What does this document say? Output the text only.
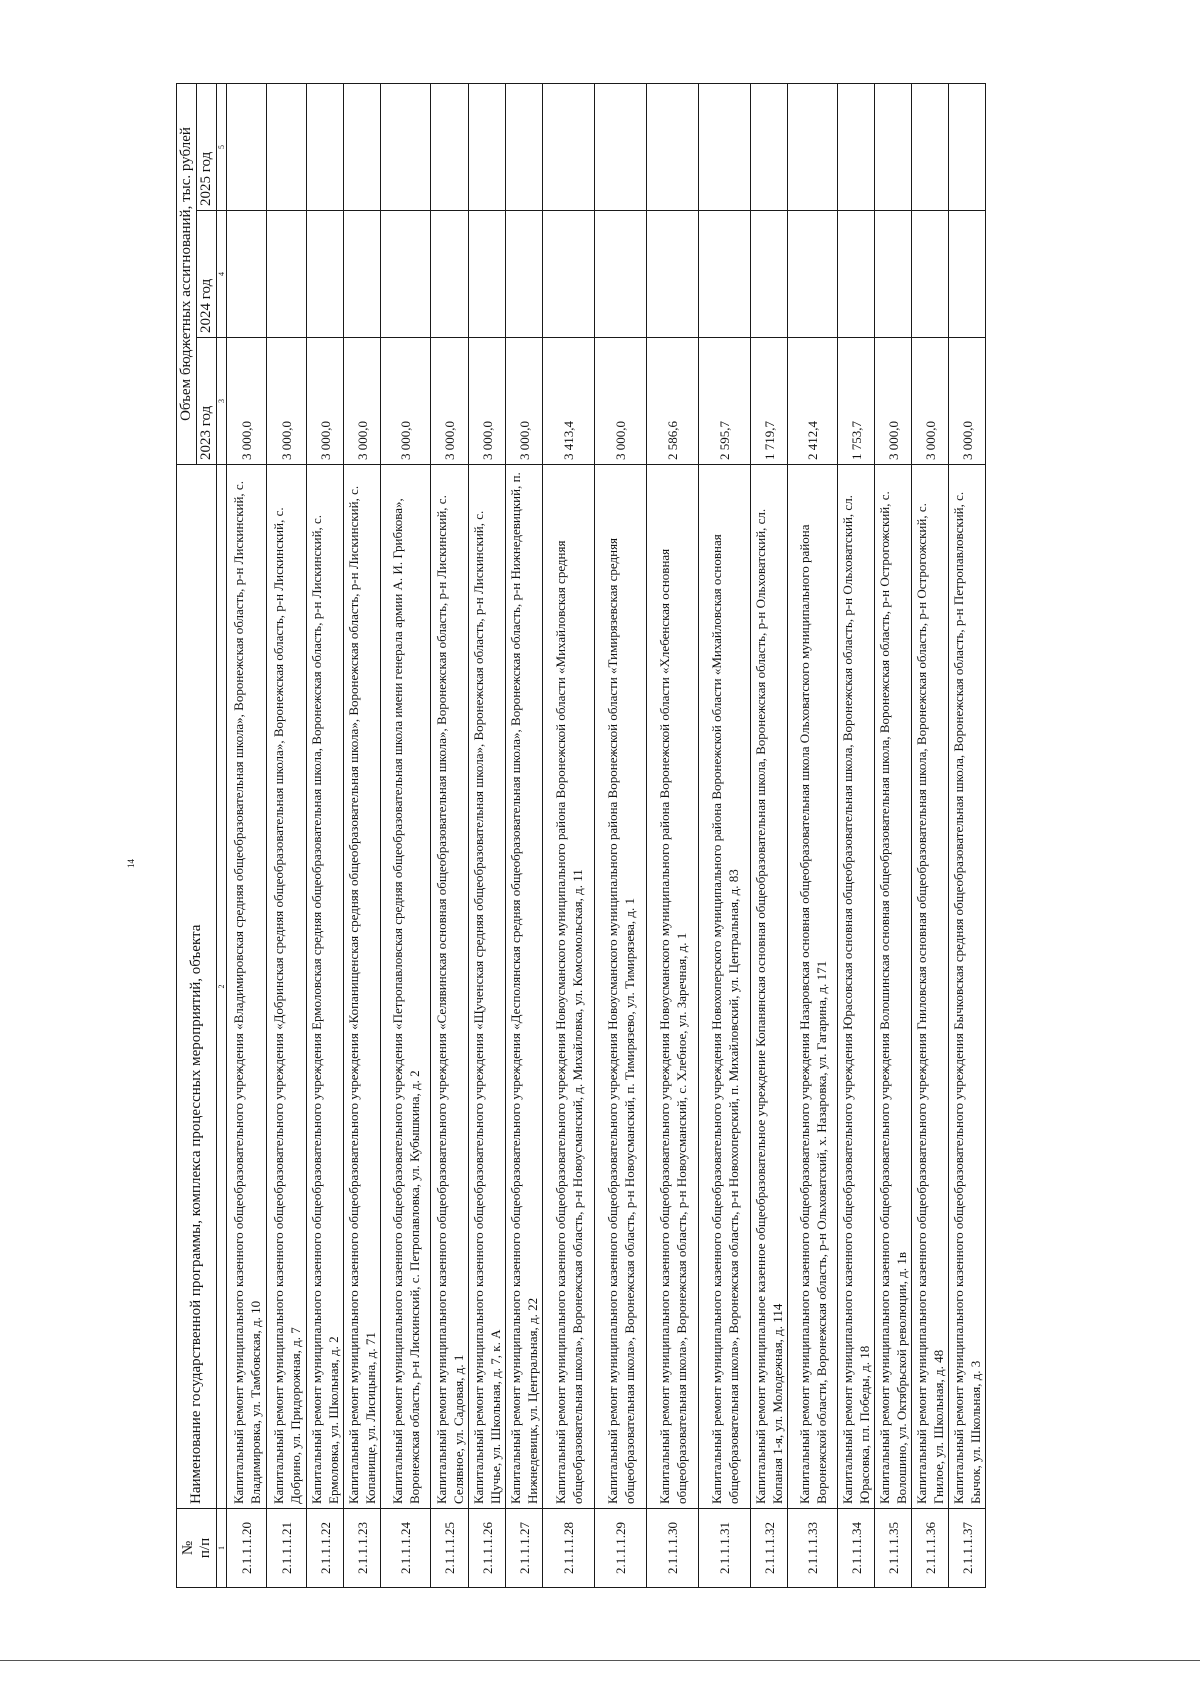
14
№
п/п	Наименование государственной программы, комплекса процессных мероприятий, объекта	Объем бюджетных ассигнований, тыс. рублей		
		2023 год	2024 год	2025 год
1	2	3	4	5
2.1.1.1.20	Капитальный ремонт муниципального казенного общеобразовательного учреждения «Владимировская средняя общеобразовательная школа», Воронежская область, р-н Лискинский, с. Владимировка, ул. Тамбовская, д. 10	3 000,0		
2.1.1.1.21	Капитальный ремонт муниципального казенного общеобразовательного учреждения «Добринская средняя общеобразовательная школа», Воронежская область, р-н Лискинский, с. Добрино, ул. Придорожная, д. 7	3 000,0		
2.1.1.1.22	Капитальный ремонт муниципального казенного общеобразовательного учреждения Ермоловская средняя общеобразовательная школа, Воронежская область, р-н Лискинский, с. Ермоловка, ул. Школьная, д. 2	3 000,0		
2.1.1.1.23	Капитальный ремонт муниципального казенного общеобразовательного учреждения «Копанищенская средняя общеобразовательная школа», Воронежская область, р-н Лискинский, с. Копанище, ул. Лисицына, д. 71	3 000,0		
2.1.1.1.24	Капитальный ремонт муниципального казенного общеобразовательного учреждения «Петропавловская средняя общеобразовательная школа имени генерала армии А. И. Грибкова», Воронежская область, р-н Лискинский, с. Петропавловка, ул. Кубышкина, д. 2	3 000,0		
2.1.1.1.25	Капитальный ремонт муниципального казенного общеобразовательного учреждения «Селявинская основная общеобразовательная школа», Воронежская область, р-н Лискинский, с. Селявное, ул. Садовая, д. 1	3 000,0		
2.1.1.1.26	Капитальный ремонт муниципального казенного общеобразовательного учреждения «Щученская средняя общеобразовательная школа», Воронежская область, р-н Лискинский, с. Щучье, ул. Школьная, д. 7, к. А	3 000,0		
2.1.1.1.27	Капитальный ремонт муниципального казенного общеобразовательного учреждения «Десполянская средняя общеобразовательная школа», Воронежская область, р-н Нижнедевицкий, п. Нижнедевицк, ул. Центральная, д. 22	3 000,0		
2.1.1.1.28	Капитальный ремонт муниципального казенного общеобразовательного учреждения Новоусманского муниципального района Воронежской области «Михайловская средняя общеобразовательная школа», Воронежская область, р-н Новоусманский, д. Михайловка, ул. Комсомольская, д. 11	3 413,4		
2.1.1.1.29	Капитальный ремонт муниципального казенного общеобразовательного учреждения Новоусманского муниципального района Воронежской области «Тимирязевская средняя общеобразовательная школа», Воронежская область, р-н Новоусманский, п. Тимирязево, ул. Тимирязева, д. 1	3 000,0		
2.1.1.1.30	Капитальный ремонт муниципального казенного общеобразовательного учреждения Новоусманского муниципального района Воронежской области «Хлебенская основная общеобразовательная школа», Воронежская область, р-н Новоусманский, с. Хлебное, ул. Заречная, д. 1	2 586,6		
2.1.1.1.31	Капитальный ремонт муниципального казенного общеобразовательного учреждения Новохоперского муниципального района Воронежской области «Михайловская основная общеобразовательная школа», Воронежская область, р-н Новохоперский, п. Михайловский, ул. Центральная, д. 83	2 595,7		
2.1.1.1.32	Капитальный ремонт муниципальное казенное общеобразовательное учреждение Копанянская основная общеобразовательная школа, Воронежская область, р-н Ольховатский, сл. Копаная 1-я, ул. Молодежная, д. 114	1 719,7		
2.1.1.1.33	Капитальный ремонт муниципального казенного общеобразовательного учреждения Назаровская основная общеобразовательная школа Ольховатского муниципального района Воронежской области, Воронежская область, р-н Ольховатский, х. Назаровка, ул. Гагарина, д. 171	2 412,4		
2.1.1.1.34	Капитальный ремонт муниципального казенного общеобразовательного учреждения Юрасовская основная общеобразовательная школа, Воронежская область, р-н Ольховатский, сл. Юрасовка, пл. Победы, д. 18	1 753,7		
2.1.1.1.35	Капитальный ремонт муниципального казенного общеобразовательного учреждения Волошинская основная общеобразовательная школа, Воронежская область, р-н Острогожский, с. Волошино, ул. Октябрьской революции, д. 1в	3 000,0		
2.1.1.1.36	Капитальный ремонт муниципального казенного общеобразовательного учреждения Гниловская основная общеобразовательная школа, Воронежская область, р-н Острогожский, с. Гнилое, ул. Школьная, д. 48	3 000,0		
2.1.1.1.37	Капитальный ремонт муниципального казенного общеобразовательного учреждения Бычковская средняя общеобразовательная школа, Воронежская область, р-н Петропавловский, с. Бычок, ул. Школьная, д. 3	3 000,0		
